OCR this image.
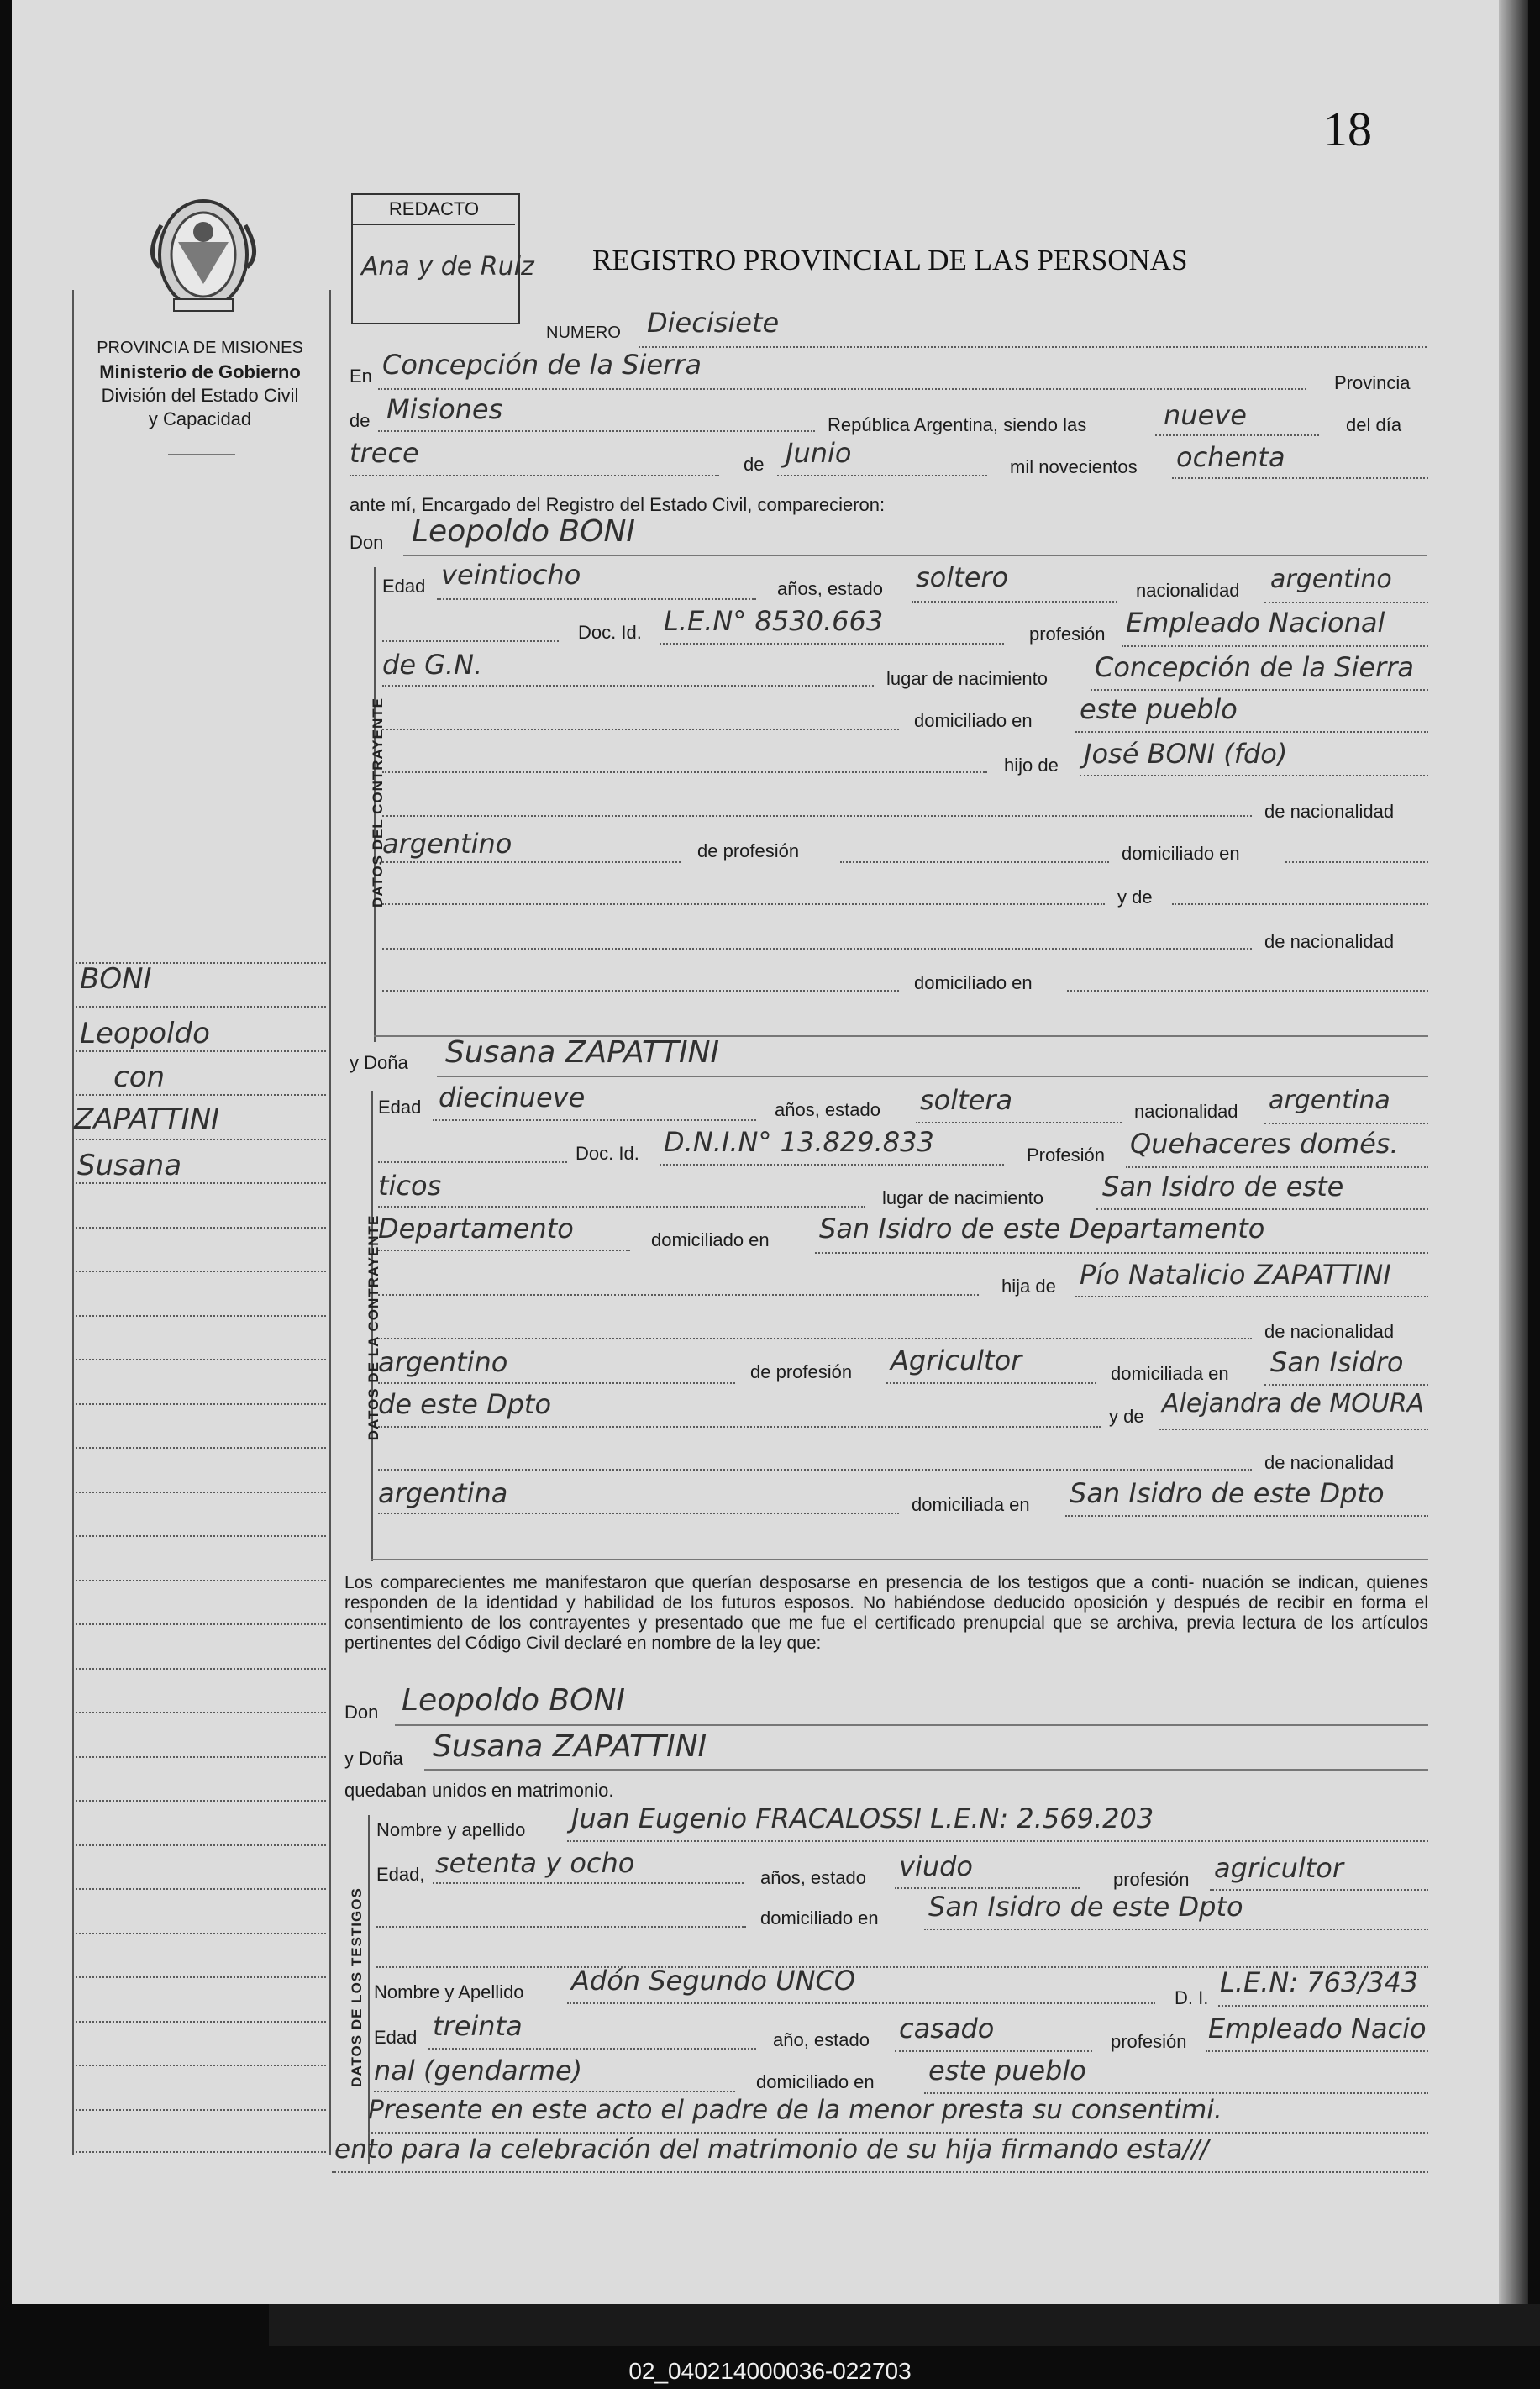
02_040214000036-022703
18
PROVINCIA DE MISIONES
Ministerio de Gobierno
División del Estado Civil
y Capacidad
BONI
Leopoldo
con
ZAPATTINI
Susana
REDACTO
Ana y de Ruiz REGISTRO PROVINCIAL DE LAS PERSONAS
NUMERO Diecisiete
En Concepción de la Sierra
Provincia
de Misiones	República Argentina, siendo las	nueve	del día
trece	de Junio	mil novecientos ochenta
ante mí, Encargado del Registro del Estado Civil, comparecieron:
Don Leopoldo BONI
DATOS DEL CONTRAYENTE
Edad veintiocho	años, estado soltero	nacionalidad argentino
Doc. Id. L.E.N° 8530.663	profesión Empleado Nacional
de G.N.	lugar de nacimiento Concepción de la Sierra
domiciliado en este pueblo
hijo de José BONI (fdo)
de nacionalidad
argentino	de profesión	domiciliado en
y de
de nacionalidad
domiciliado en
y Doña Susana ZAPATTINI
DATOS DE LA CONTRAYENTE
Edad diecinueve	años, estado soltera	nacionalidad argentina
Doc. Id. D.N.I.N° 13.829.833	Profesión Quehaceres domés.
ticos	lugar de nacimiento San Isidro de este
Departamento	domiciliado en San Isidro de este Departamento
hija de Pío Natalicio ZAPATTINI
de nacionalidad
argentino	de profesión Agricultor	domiciliada en San Isidro
de este Dpto	y de Alejandra de MOURA
de nacionalidad
argentina	domiciliada en San Isidro de este Dpto
Los comparecientes me manifestaron que querían desposarse en presencia de los testigos que a conti- nuación se indican, quienes responden de la identidad y habilidad de los futuros esposos. No habiéndose deducido oposición y después de recibir en forma el consentimiento de los contrayentes y presentado que me fue el certificado prenupcial que se archiva, previa lectura de los artículos pertinentes del Código Civil declaré en nombre de la ley que:
Don Leopoldo BONI
y Doña Susana ZAPATTINI
quedaban unidos en matrimonio.
DATOS DE LOS TESTIGOS
Nombre y apellido Juan Eugenio FRACALOSSI L.E.N: 2.569.203
Edad, setenta y ocho	años, estado viudo	profesión agricultor
domiciliado en San Isidro de este Dpto
Nombre y Apellido Adón Segundo UNCO
D. I. L.E.N: 763/343
Edad treinta	año, estado casado	profesión Empleado Nacio
nal (gendarme)	domiciliado en este pueblo
Presente en este acto el padre de la menor presta su consentimi.
ento para la celebración del matrimonio de su hija firmando esta///
